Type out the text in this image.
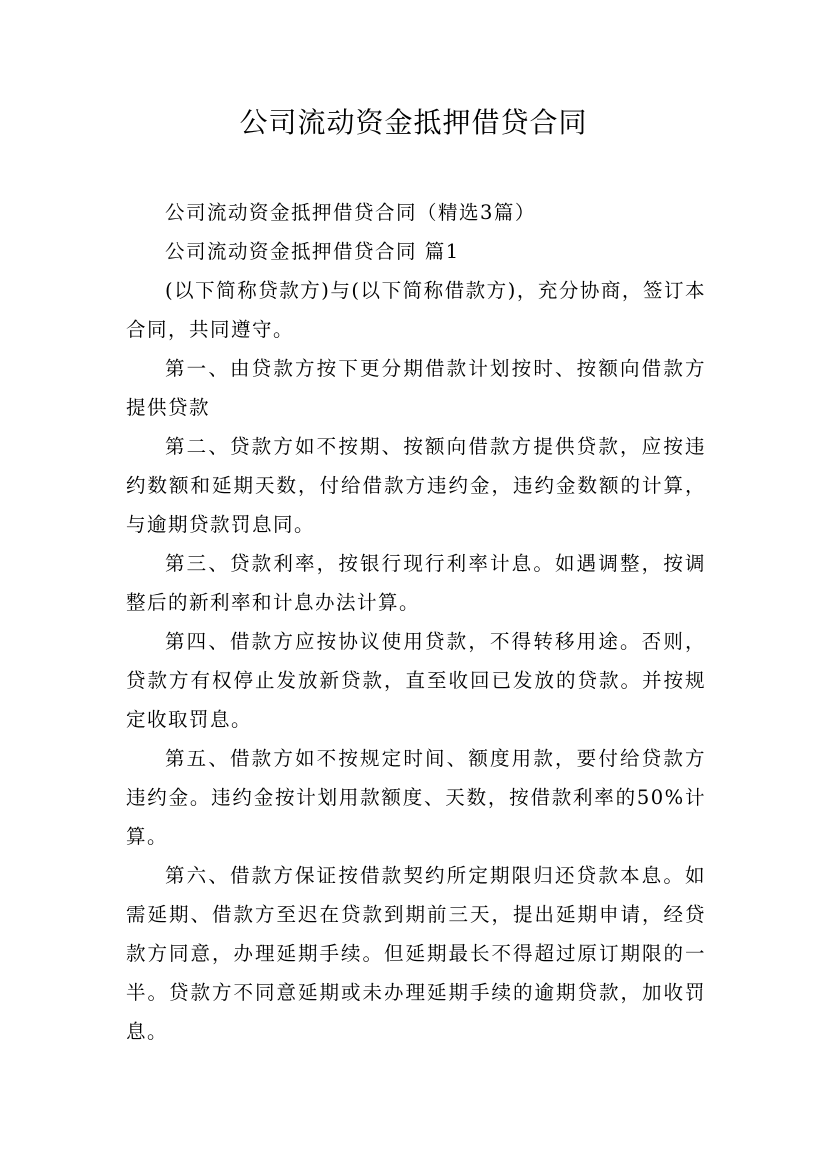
公司流动资金抵押借贷合同

公司流动资金抵押借贷合同（精选3篇）

公司流动资金抵押借贷合同 篇1

(以下简称贷款方)与(以下简称借款方)，充分协商，签订本合同，共同遵守。

第一、由贷款方按下更分期借款计划按时、按额向借款方提供贷款

第二、贷款方如不按期、按额向借款方提供贷款，应按违约数额和延期天数，付给借款方违约金，违约金数额的计算，与逾期贷款罚息同。

第三、贷款利率，按银行现行利率计息。如遇调整，按调整后的新利率和计息办法计算。

第四、借款方应按协议使用贷款，不得转移用途。否则，贷款方有权停止发放新贷款，直至收回已发放的贷款。并按规定收取罚息。

第五、借款方如不按规定时间、额度用款，要付给贷款方违约金。违约金按计划用款额度、天数，按借款利率的50%计算。

第六、借款方保证按借款契约所定期限归还贷款本息。如需延期、借款方至迟在贷款到期前三天，提出延期申请，经贷款方同意，办理延期手续。但延期最长不得超过原订期限的一半。贷款方不同意延期或未办理延期手续的逾期贷款，加收罚息。
